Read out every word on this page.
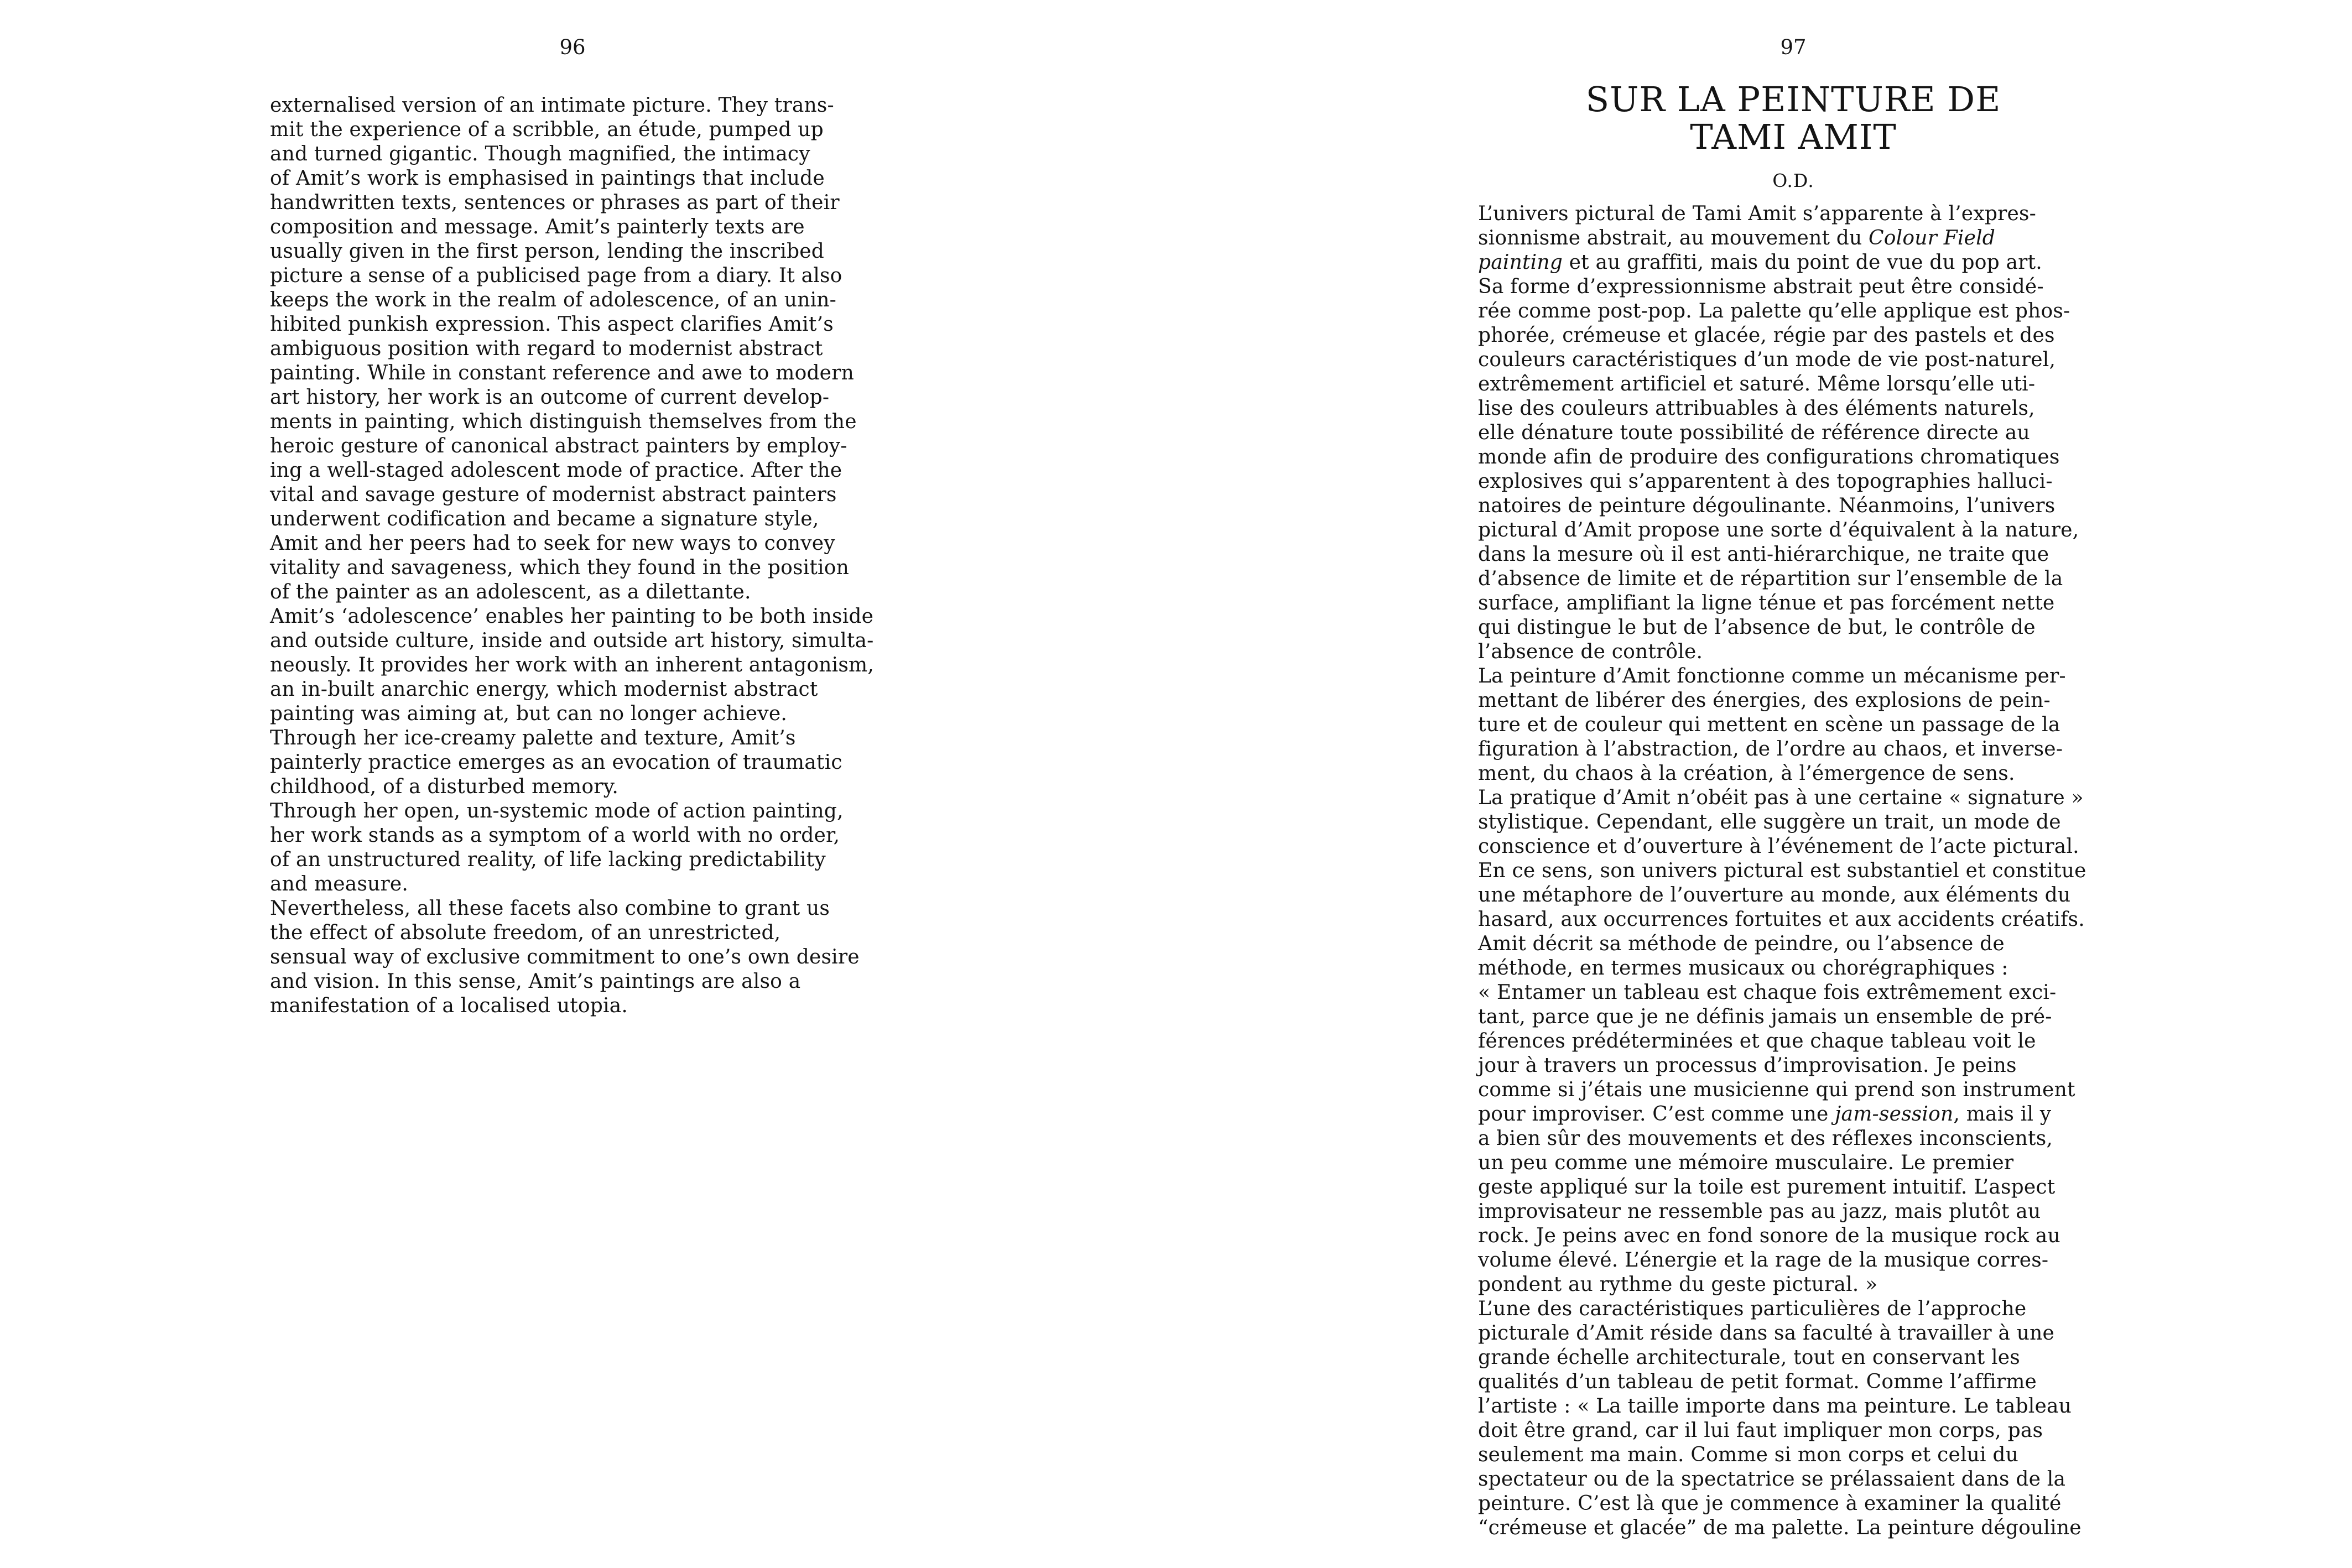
96
externalised version of an intimate picture. They trans-
mit the experience of a scribble, an étude, pumped up
and turned gigantic. Though magnified, the intimacy
of Amit’s work is emphasised in paintings that include
handwritten texts, sentences or phrases as part of their
composition and message. Amit’s painterly texts are
usually given in the first person, lending the inscribed
picture a sense of a publicised page from a diary. It also
keeps the work in the realm of adolescence, of an unin-
hibited punkish expression. This aspect clarifies Amit’s
ambiguous position with regard to modernist abstract
painting. While in constant reference and awe to modern
art history, her work is an outcome of current develop-
ments in painting, which distinguish themselves from the
heroic gesture of canonical abstract painters by employ-
ing a well-staged adolescent mode of practice. After the
vital and savage gesture of modernist abstract painters
underwent codification and became a signature style,
Amit and her peers had to seek for new ways to convey
vitality and savageness, which they found in the position
of the painter as an adolescent, as a dilettante.
Amit’s ‘adolescence’ enables her painting to be both inside
and outside culture, inside and outside art history, simulta-
neously. It provides her work with an inherent antagonism,
an in-built anarchic energy, which modernist abstract
painting was aiming at, but can no longer achieve.
Through her ice-creamy palette and texture, Amit’s
painterly practice emerges as an evocation of traumatic
childhood, of a disturbed memory.
Through her open, un-systemic mode of action painting,
her work stands as a symptom of a world with no order,
of an unstructured reality, of life lacking predictability
and measure.
Nevertheless, all these facets also combine to grant us
the effect of absolute freedom, of an unrestricted,
sensual way of exclusive commitment to one’s own desire
and vision. In this sense, Amit’s paintings are also a
manifestation of a localised utopia.
97
SUR LA PEINTURE DE
TAMI AMIT
O.D.
L’univers pictural de Tami Amit s’apparente à l’expres-
sionnisme abstrait, au mouvement du Colour Field
painting et au graffiti, mais du point de vue du pop art.
Sa forme d’expressionnisme abstrait peut être considé-
rée comme post-pop. La palette qu’elle applique est phos-
phorée, crémeuse et glacée, régie par des pastels et des
couleurs caractéristiques d’un mode de vie post-naturel,
extrêmement artificiel et saturé. Même lorsqu’elle uti-
lise des couleurs attribuables à des éléments naturels,
elle dénature toute possibilité de référence directe au
monde afin de produire des configurations chromatiques
explosives qui s’apparentent à des topographies halluci-
natoires de peinture dégoulinante. Néanmoins, l’univers
pictural d’Amit propose une sorte d’équivalent à la nature,
dans la mesure où il est anti-hiérarchique, ne traite que
d’absence de limite et de répartition sur l’ensemble de la
surface, amplifiant la ligne ténue et pas forcément nette
qui distingue le but de l’absence de but, le contrôle de
l’absence de contrôle.
La peinture d’Amit fonctionne comme un mécanisme per-
mettant de libérer des énergies, des explosions de pein-
ture et de couleur qui mettent en scène un passage de la
figuration à l’abstraction, de l’ordre au chaos, et inverse-
ment, du chaos à la création, à l’émergence de sens.
La pratique d’Amit n’obéit pas à une certaine « signature »
stylistique. Cependant, elle suggère un trait, un mode de
conscience et d’ouverture à l’événement de l’acte pictural.
En ce sens, son univers pictural est substantiel et constitue
une métaphore de l’ouverture au monde, aux éléments du
hasard, aux occurrences fortuites et aux accidents créatifs.
Amit décrit sa méthode de peindre, ou l’absence de
méthode, en termes musicaux ou chorégraphiques :
« Entamer un tableau est chaque fois extrêmement exci-
tant, parce que je ne définis jamais un ensemble de pré-
férences prédéterminées et que chaque tableau voit le
jour à travers un processus d’improvisation. Je peins
comme si j’étais une musicienne qui prend son instrument
pour improviser. C’est comme une jam-session, mais il y
a bien sûr des mouvements et des réflexes inconscients,
un peu comme une mémoire musculaire. Le premier
geste appliqué sur la toile est purement intuitif. L’aspect
improvisateur ne ressemble pas au jazz, mais plutôt au
rock. Je peins avec en fond sonore de la musique rock au
volume élevé. L’énergie et la rage de la musique corres-
pondent au rythme du geste pictural. »
L’une des caractéristiques particulières de l’approche
picturale d’Amit réside dans sa faculté à travailler à une
grande échelle architecturale, tout en conservant les
qualités d’un tableau de petit format. Comme l’affirme
l’artiste : « La taille importe dans ma peinture. Le tableau
doit être grand, car il lui faut impliquer mon corps, pas
seulement ma main. Comme si mon corps et celui du
spectateur ou de la spectatrice se prélassaient dans de la
peinture. C’est là que je commence à examiner la qualité
“crémeuse et glacée” de ma palette. La peinture dégouline
